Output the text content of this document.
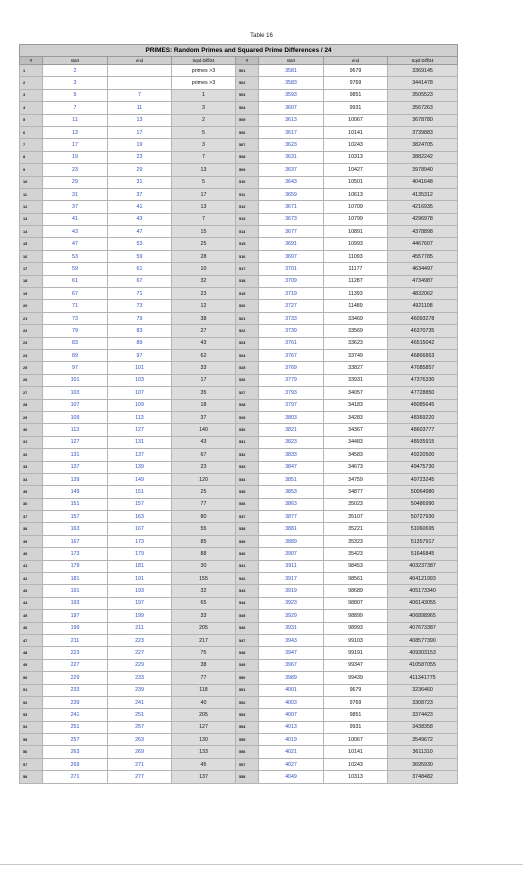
Table 16
PRIMES: Random Primes and Squared Prime Differences / 24							
#	start	end	Sqrd Diff/24	#	start	end	Sqrd Diff/24
1	2		primes >3	501	3581	9679	3369145
2	3		primes >3	502	3583	9769	3441478
3	5	7	1	503	3593	9851	3505523
4	7	11	3	504	3607	9931	3567263
5	11	13	2	505	3613	10067	3678780
6	13	17	5	506	3617	10141	3739883
7	17	19	3	507	3623	10243	3824705
8	19	23	7	508	3631	10313	3882242
9	23	29	13	509	3637	10427	3978940
10	29	31	5	510	3643	10501	4041648
11	31	37	17	511	3659	10613	4135312
12	37	41	13	512	3671	10709	4216935
13	41	43	7	513	3673	10799	4296978
14	43	47	15	514	3677	10891	4378898
15	47	53	25	515	3691	10993	4467607
16	53	59	28	516	3697	11093	4557785
17	59	61	10	517	3701	11177	4634497
18	61	67	32	518	3709	11287	4734987
19	67	71	23	519	3719	11393	4832062
20	71	73	12	520	3727	11489	4921108
21	73	79	38	521	3733	33469	46093278
22	79	83	27	522	3739	33569	46370735
23	83	89	43	523	3761	33623	46515042
24	89	97	62	524	3767	33749	46866863
25	97	101	33	525	3769	33827	47085857
26	101	103	17	526	3779	33931	47376330
27	103	107	35	527	3793	34057	47728850
28	107	109	18	528	3797	34183	48085645
29	109	113	37	529	3803	34283	48369220
30	113	127	140	530	3821	34367	48603777
31	127	131	43	531	3823	34483	48935915
32	131	137	67	532	3833	34583	49220500
33	137	139	23	533	3847	34673	49475730
34	139	149	120	534	3851	34759	49723245
35	149	151	25	535	3853	34877	50064980
36	151	157	77	536	3863	35023	50486990
37	157	163	80	537	3877	35107	50727930
38	163	167	55	538	3881	35221	51060695
39	167	173	85	539	3889	35323	51357917
40	173	179	88	540	3907	35423	51646845
41	179	181	30	541	3911	98453	403237387
42	181	191	155	542	3917	98561	404121993
43	191	193	32	543	3919	98689	405173340
44	193	197	65	544	3923	98807	406143055
45	197	199	33	545	3929	98899	406898965
46	199	211	205	546	3931	98993	407673387
47	211	223	217	547	3943	99103	408577390
48	223	227	75	548	3947	99191	409303153
49	227	229	38	549	3967	99347	410587055
50	229	233	77	550	3989	99439	411341775
51	233	239	118	551	4001	9679	3236460
52	239	241	40	552	4003	9769	3308723
53	241	251	205	553	4007	9851	3374423
54	251	257	127	554	4013	9931	3438358
55	257	263	130	555	4019	10067	3549672
56	263	269	133	556	4021	10141	3611310
57	269	271	45	557	4027	10243	3695930
58	271	277	137	558	4049	10313	3748482
